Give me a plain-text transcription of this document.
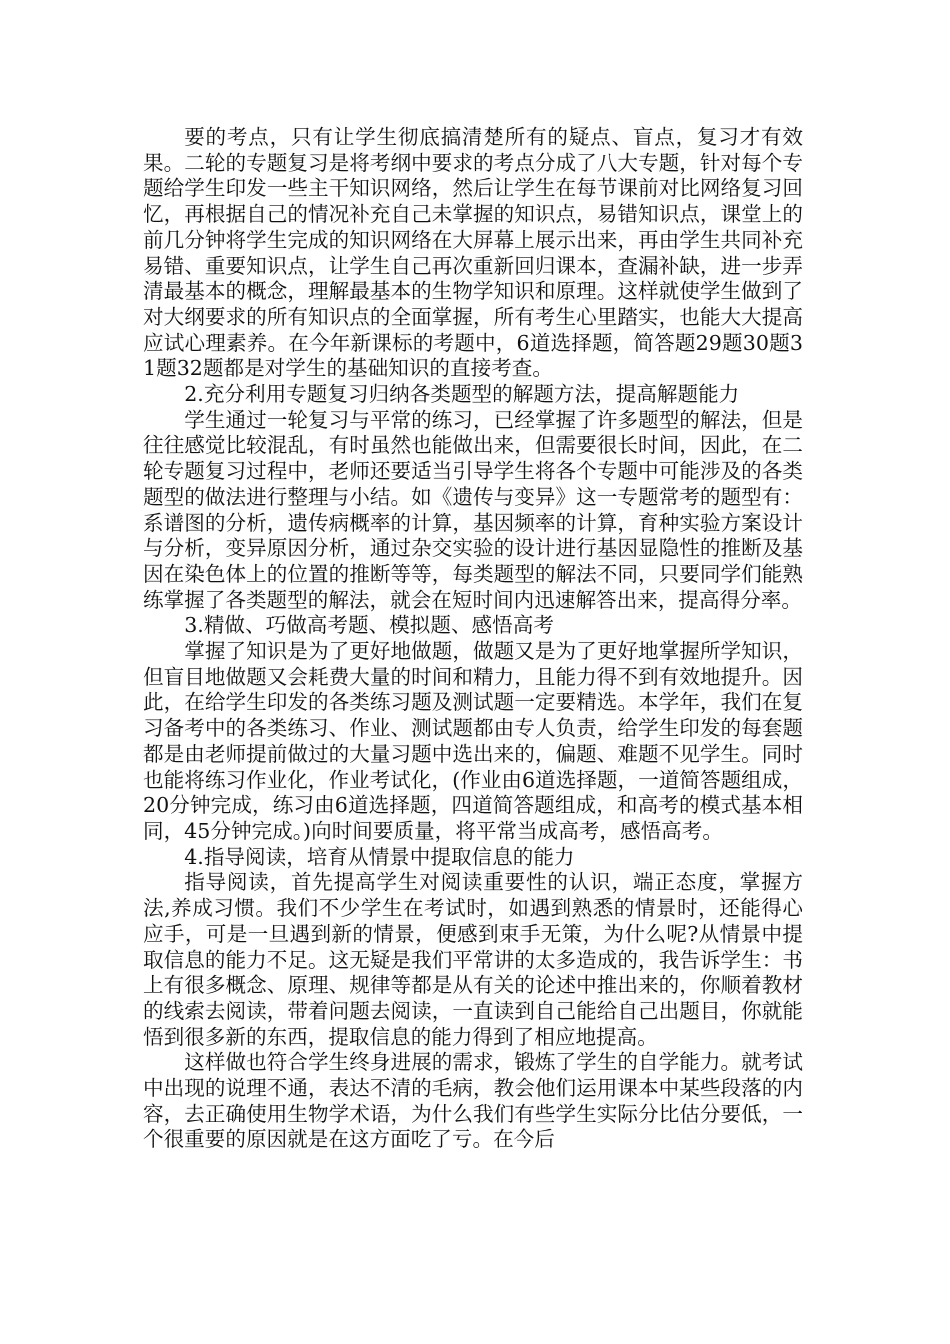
要的考点，只有让学生彻底搞清楚所有的疑点、盲点，复习才有效果。二轮的专题复习是将考纲中要求的考点分成了八大专题，针对每个专题给学生印发一些主干知识网络，然后让学生在每节课前对比网络复习回忆，再根据自己的情况补充自己未掌握的知识点，易错知识点，课堂上的前几分钟将学生完成的知识网络在大屏幕上展示出来，再由学生共同补充易错、重要知识点，让学生自己再次重新回归课本，查漏补缺，进一步弄清最基本的概念，理解最基本的生物学知识和原理。这样就使学生做到了对大纲要求的所有知识点的全面掌握，所有考生心里踏实，也能大大提高应试心理素养。在今年新课标的考题中，6道选择题，简答题29题30题31题32题都是对学生的基础知识的直接考查。

2.充分利用专题复习归纳各类题型的解题方法，提高解题能力

学生通过一轮复习与平常的练习，已经掌握了许多题型的解法，但是往往感觉比较混乱，有时虽然也能做出来，但需要很长时间，因此，在二轮专题复习过程中，老师还要适当引导学生将各个专题中可能涉及的各类题型的做法进行整理与小结。如《遗传与变异》这一专题常考的题型有：系谱图的分析，遗传病概率的计算，基因频率的计算，育种实验方案设计与分析，变异原因分析，通过杂交实验的设计进行基因显隐性的推断及基因在染色体上的位置的推断等等，每类题型的解法不同，只要同学们能熟练掌握了各类题型的解法，就会在短时间内迅速解答出来，提高得分率。

3.精做、巧做高考题、模拟题、感悟高考

掌握了知识是为了更好地做题，做题又是为了更好地掌握所学知识，但盲目地做题又会耗费大量的时间和精力，且能力得不到有效地提升。因此，在给学生印发的各类练习题及测试题一定要精选。本学年，我们在复习备考中的各类练习、作业、测试题都由专人负责，给学生印发的每套题都是由老师提前做过的大量习题中选出来的，偏题、难题不见学生。同时也能将练习作业化，作业考试化，(作业由6道选择题，一道简答题组成，20分钟完成，练习由6道选择题，四道简答题组成，和高考的模式基本相同，45分钟完成。)向时间要质量，将平常当成高考，感悟高考。

4.指导阅读，培育从情景中提取信息的能力

指导阅读，首先提高学生对阅读重要性的认识，端正态度，掌握方法,养成习惯。我们不少学生在考试时，如遇到熟悉的情景时，还能得心应手，可是一旦遇到新的情景，便感到束手无策，为什么呢?从情景中提取信息的能力不足。这无疑是我们平常讲的太多造成的，我告诉学生：书上有很多概念、原理、规律等都是从有关的论述中推出来的，你顺着教材的线索去阅读，带着问题去阅读，一直读到自己能给自己出题目，你就能悟到很多新的东西，提取信息的能力得到了相应地提高。

这样做也符合学生终身进展的需求，锻炼了学生的自学能力。就考试中出现的说理不通，表达不清的毛病，教会他们运用课本中某些段落的内容，去正确使用生物学术语，为什么我们有些学生实际分比估分要低，一个很重要的原因就是在这方面吃了亏。在今后
